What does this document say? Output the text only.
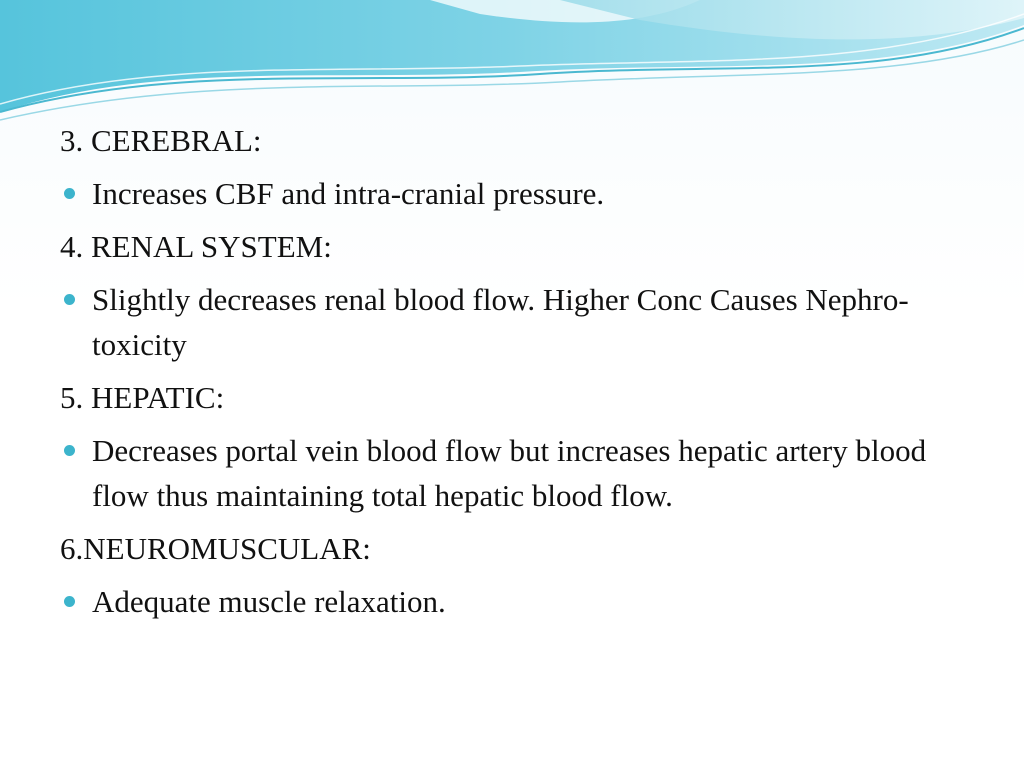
3. CEREBRAL:

Increases CBF and intra-cranial pressure.

4. RENAL SYSTEM:

Slightly decreases renal blood flow. Higher Conc Causes Nephro-toxicity

5. HEPATIC:

Decreases portal vein blood flow but increases hepatic artery blood flow thus maintaining total hepatic blood flow.

6.NEUROMUSCULAR:

Adequate muscle relaxation.
